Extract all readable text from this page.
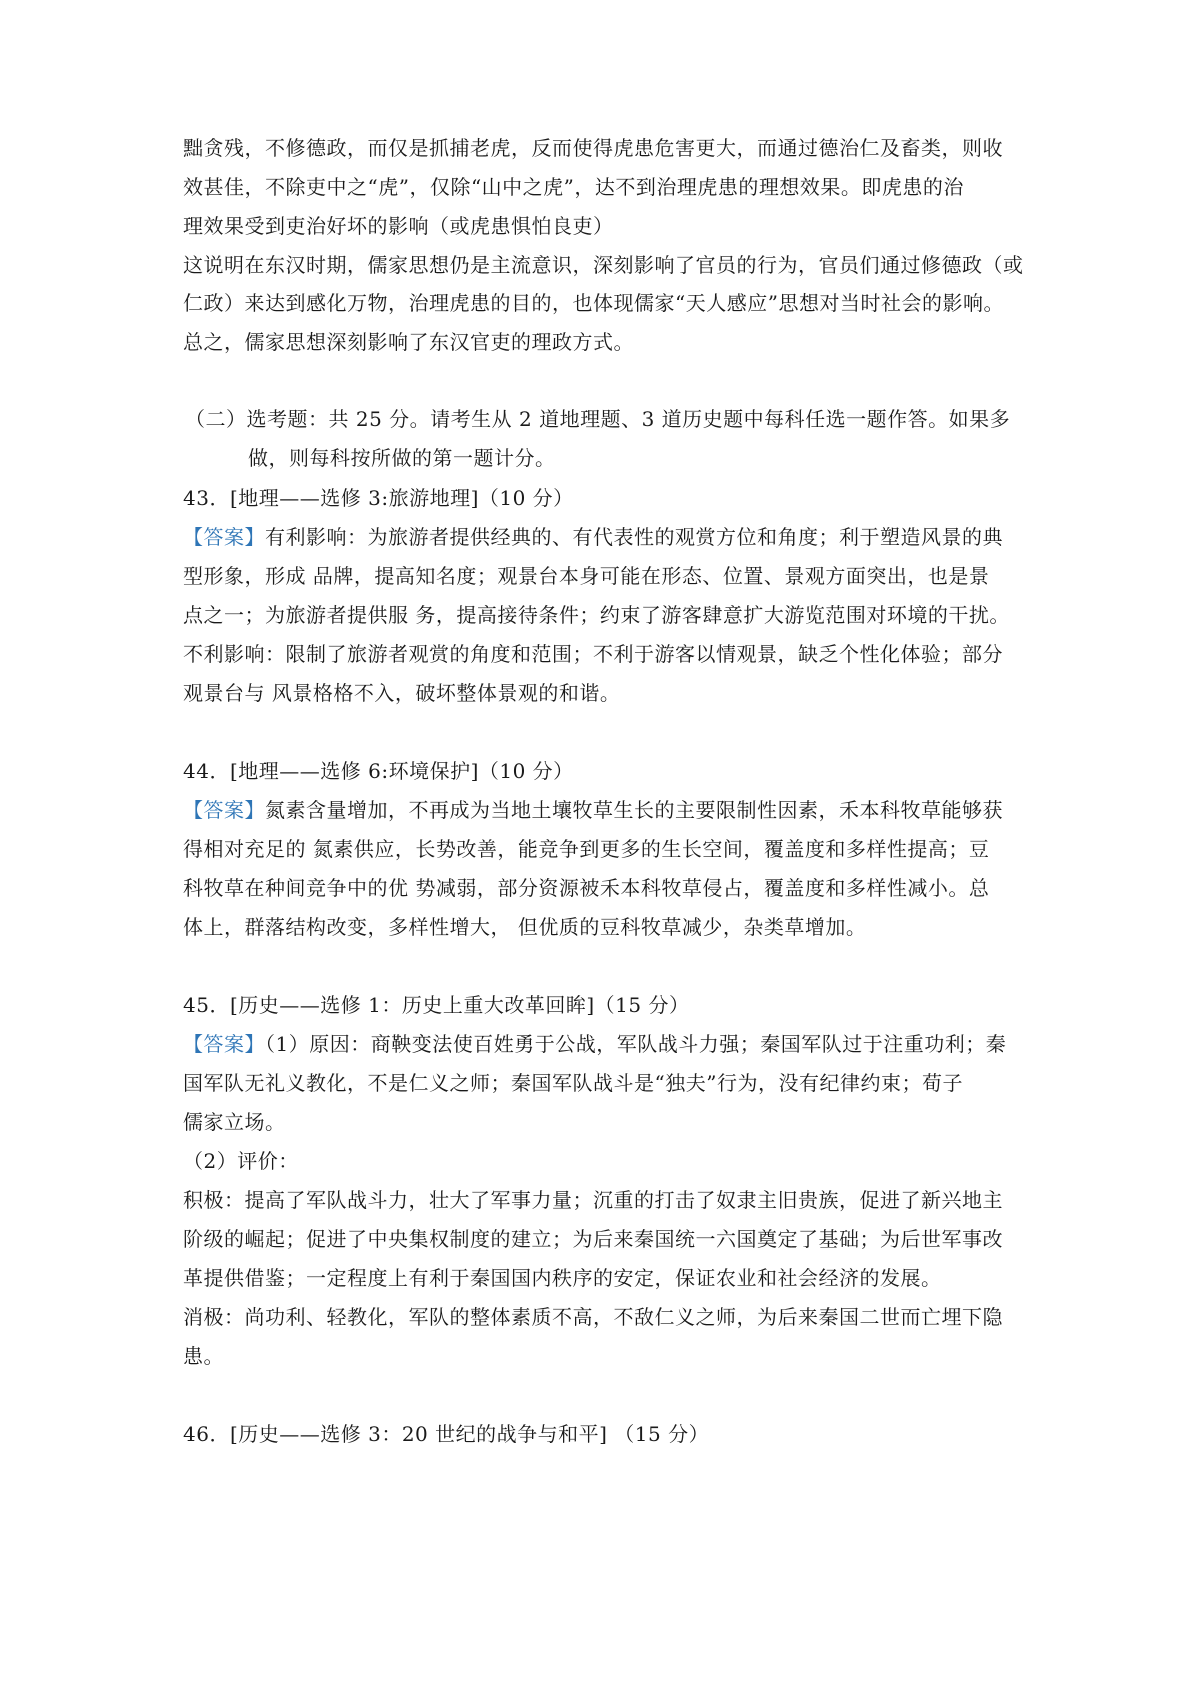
黜贪残，不修德政，而仅是抓捕老虎，反而使得虎患危害更大，而通过德治仁及畜类，则收
效甚佳，不除吏中之“虎”，仅除“山中之虎”，达不到治理虎患的理想效果。即虎患的治
理效果受到吏治好坏的影响（或虎患惧怕良吏）
这说明在东汉时期，儒家思想仍是主流意识，深刻影响了官员的行为，官员们通过修德政（或
仁政）来达到感化万物，治理虎患的目的，也体现儒家“天人感应”思想对当时社会的影响。
总之，儒家思想深刻影响了东汉官吏的理政方式。
（二）选考题：共 25 分。请考生从 2 道地理题、3 道历史题中每科任选一题作答。如果多
做，则每科按所做的第一题计分。
43．[地理——选修 3:旅游地理]（10 分）
【答案】有利影响：为旅游者提供经典的、有代表性的观赏方位和角度；利于塑造风景的典
型形象，形成 品牌，提高知名度；观景台本身可能在形态、位置、景观方面突出，也是景
点之一；为旅游者提供服 务，提高接待条件；约束了游客肆意扩大游览范围对环境的干扰。
不利影响：限制了旅游者观赏的角度和范围；不利于游客以情观景，缺乏个性化体验；部分
观景台与 风景格格不入，破坏整体景观的和谐。
44．[地理——选修 6:环境保护]（10 分）
【答案】氮素含量增加，不再成为当地土壤牧草生长的主要限制性因素，禾本科牧草能够获
得相对充足的 氮素供应，长势改善，能竞争到更多的生长空间，覆盖度和多样性提高；豆
科牧草在种间竞争中的优 势减弱，部分资源被禾本科牧草侵占，覆盖度和多样性减小。总
体上，群落结构改变，多样性增大， 但优质的豆科牧草减少，杂类草增加。
45．[历史——选修 1：历史上重大改革回眸]（15 分）
【答案】（1）原因：商鞅变法使百姓勇于公战，军队战斗力强；秦国军队过于注重功利；秦
国军队无礼义教化，不是仁义之师；秦国军队战斗是“独夫”行为，没有纪律约束；荀子
儒家立场。
（2）评价：
积极：提高了军队战斗力，壮大了军事力量；沉重的打击了奴隶主旧贵族，促进了新兴地主
阶级的崛起；促进了中央集权制度的建立；为后来秦国统一六国奠定了基础；为后世军事改
革提供借鉴；一定程度上有利于秦国国内秩序的安定，保证农业和社会经济的发展。
消极：尚功利、轻教化，军队的整体素质不高，不敌仁义之师，为后来秦国二世而亡埋下隐
患。
46．[历史——选修 3：20 世纪的战争与和平] （15 分）
